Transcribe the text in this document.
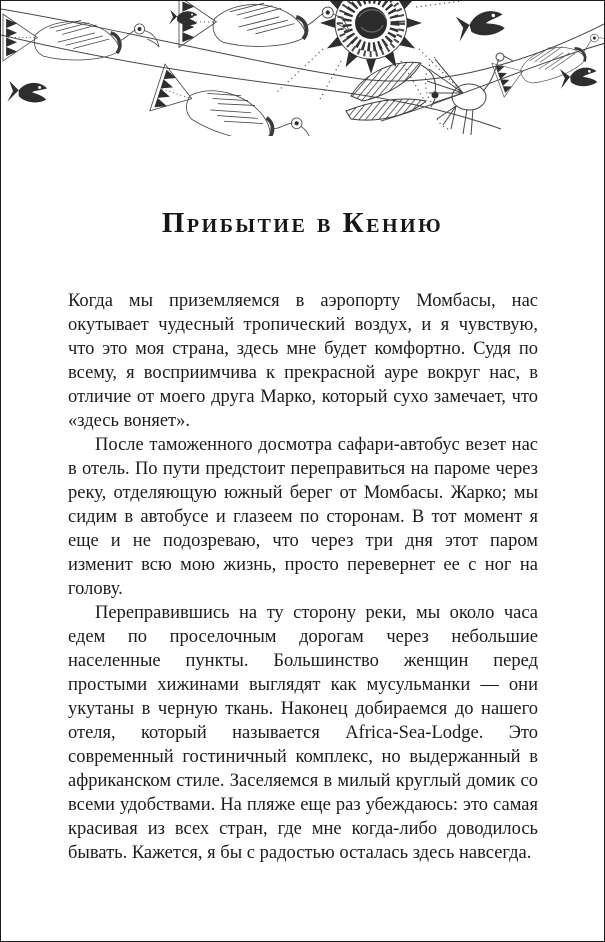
Прибытие в Кению

Когда мы приземляемся в аэропорту Момбасы, нас окутывает чудесный тропический воздух, и я чувствую, что это моя страна, здесь мне будет комфортно. Судя по всему, я восприимчива к прекрасной ауре вокруг нас, в отличие от моего друга Марко, который сухо замечает, что «здесь воняет».

После таможенного досмотра сафари-автобус везет нас в отель. По пути предстоит переправиться на пароме через реку, отделяющую южный берег от Момбасы. Жарко; мы сидим в автобусе и глазеем по сторонам. В тот момент я еще и не подозреваю, что через три дня этот паром изменит всю мою жизнь, просто перевернет ее с ног на голову.

Переправившись на ту сторону реки, мы около часа едем по проселочным дорогам через небольшие населенные пункты. Большинство женщин перед простыми хижинами выглядят как мусульманки — они укутаны в черную ткань. Наконец добираемся до нашего отеля, который называется Africa-Sea-Lodge. Это современный гостиничный комплекс, но выдержанный в африканском стиле. Заселяемся в милый круглый домик со всеми удобствами. На пляже еще раз убеждаюсь: это самая красивая из всех стран, где мне когда-либо доводилось бывать. Кажется, я бы с радостью осталась здесь навсегда.
